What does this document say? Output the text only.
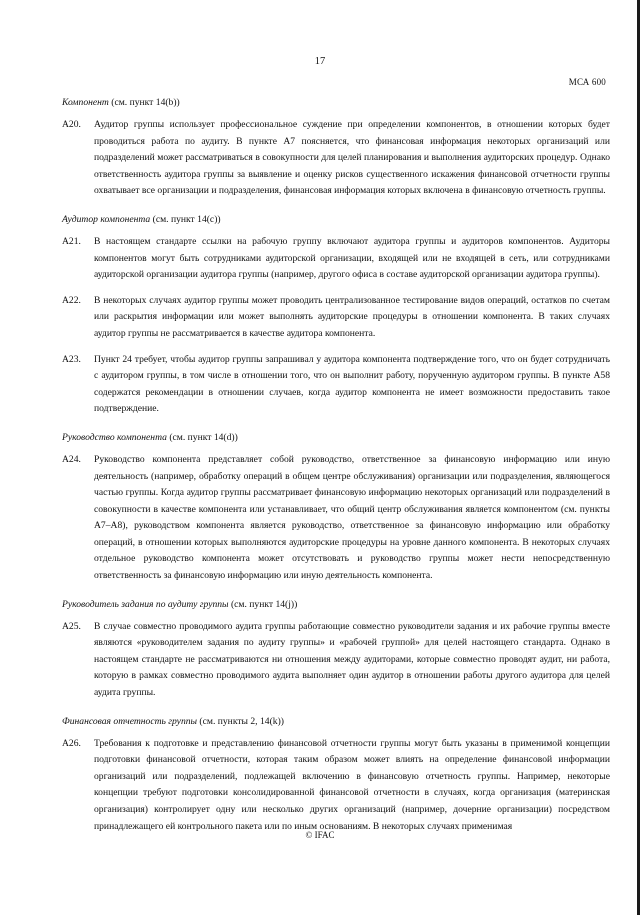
17
МСА 600
Компонент (см. пункт 14(b))
A20.	Аудитор группы использует профессиональное суждение при определении компонентов, в отношении которых будет проводиться работа по аудиту. В пункте A7 поясняется, что финансовая информация некоторых организаций или подразделений может рассматриваться в совокупности для целей планирования и выполнения аудиторских процедур. Однако ответственность аудитора группы за выявление и оценку рисков существенного искажения финансовой отчетности группы охватывает все организации и подразделения, финансовая информация которых включена в финансовую отчетность группы.
Аудитор компонента (см. пункт 14(c))
A21.	В настоящем стандарте ссылки на рабочую группу включают аудитора группы и аудиторов компонентов. Аудиторы компонентов могут быть сотрудниками аудиторской организации, входящей или не входящей в сеть, или сотрудниками аудиторской организации аудитора группы (например, другого офиса в составе аудиторской организации аудитора группы).
A22.	В некоторых случаях аудитор группы может проводить централизованное тестирование видов операций, остатков по счетам или раскрытия информации или может выполнять аудиторские процедуры в отношении компонента. В таких случаях аудитор группы не рассматривается в качестве аудитора компонента.
A23.	Пункт 24 требует, чтобы аудитор группы запрашивал у аудитора компонента подтверждение того, что он будет сотрудничать с аудитором группы, в том числе в отношении того, что он выполнит работу, порученную аудитором группы. В пункте A58 содержатся рекомендации в отношении случаев, когда аудитор компонента не имеет возможности предоставить такое подтверждение.
Руководство компонента (см. пункт 14(d))
A24.	Руководство компонента представляет собой руководство, ответственное за финансовую информацию или иную деятельность (например, обработку операций в общем центре обслуживания) организации или подразделения, являющегося частью группы. Когда аудитор группы рассматривает финансовую информацию некоторых организаций или подразделений в совокупности в качестве компонента или устанавливает, что общий центр обслуживания является компонентом (см. пункты A7–A8), руководством компонента является руководство, ответственное за финансовую информацию или обработку операций, в отношении которых выполняются аудиторские процедуры на уровне данного компонента. В некоторых случаях отдельное руководство компонента может отсутствовать и руководство группы может нести непосредственную ответственность за финансовую информацию или иную деятельность компонента.
Руководитель задания по аудиту группы (см. пункт 14(j))
A25.	В случае совместно проводимого аудита группы работающие совместно руководители задания и их рабочие группы вместе являются «руководителем задания по аудиту группы» и «рабочей группой» для целей настоящего стандарта. Однако в настоящем стандарте не рассматриваются ни отношения между аудиторами, которые совместно проводят аудит, ни работа, которую в рамках совместно проводимого аудита выполняет один аудитор в отношении работы другого аудитора для целей аудита группы.
Финансовая отчетность группы (см. пункты 2, 14(k))
A26.	Требования к подготовке и представлению финансовой отчетности группы могут быть указаны в применимой концепции подготовки финансовой отчетности, которая таким образом может влиять на определение финансовой информации организаций или подразделений, подлежащей включению в финансовую отчетность группы. Например, некоторые концепции требуют подготовки консолидированной финансовой отчетности в случаях, когда организация (материнская организация) контролирует одну или несколько других организаций (например, дочерние организации) посредством принадлежащего ей контрольного пакета или по иным основаниям. В некоторых случаях применимая
© IFAC
